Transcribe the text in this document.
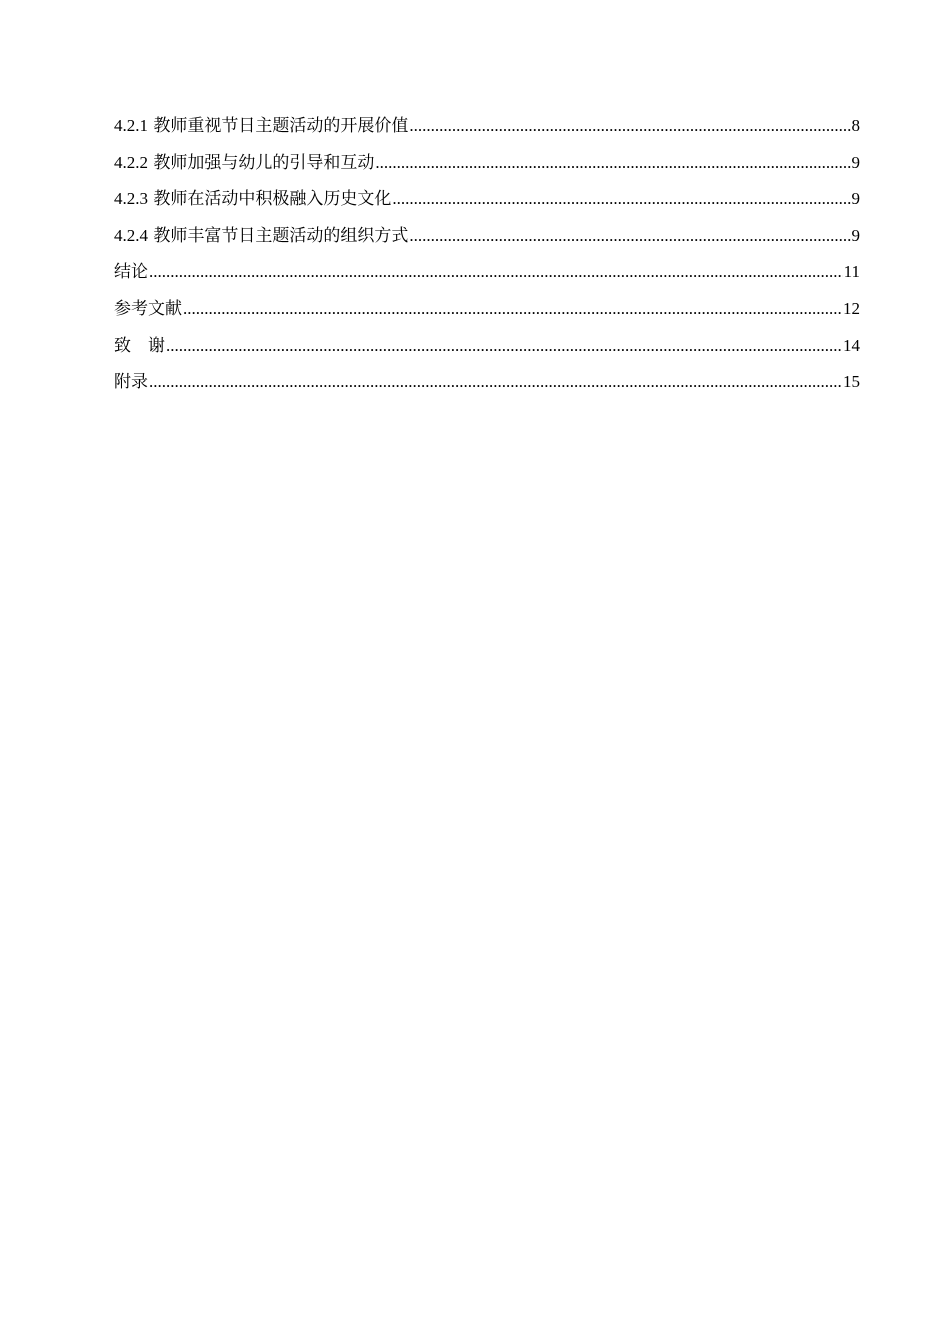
4.2.1 教师重视节日主题活动的开展价值 .....	8
4.2.2 教师加强与幼儿的引导和互动 .....	9
4.2.3 教师在活动中积极融入历史文化 .....	9
4.2.4 教师丰富节日主题活动的组织方式 .....	9
结论 .....	11
参考文献 .....	12
致　谢 .....	14
附录 .....	15
